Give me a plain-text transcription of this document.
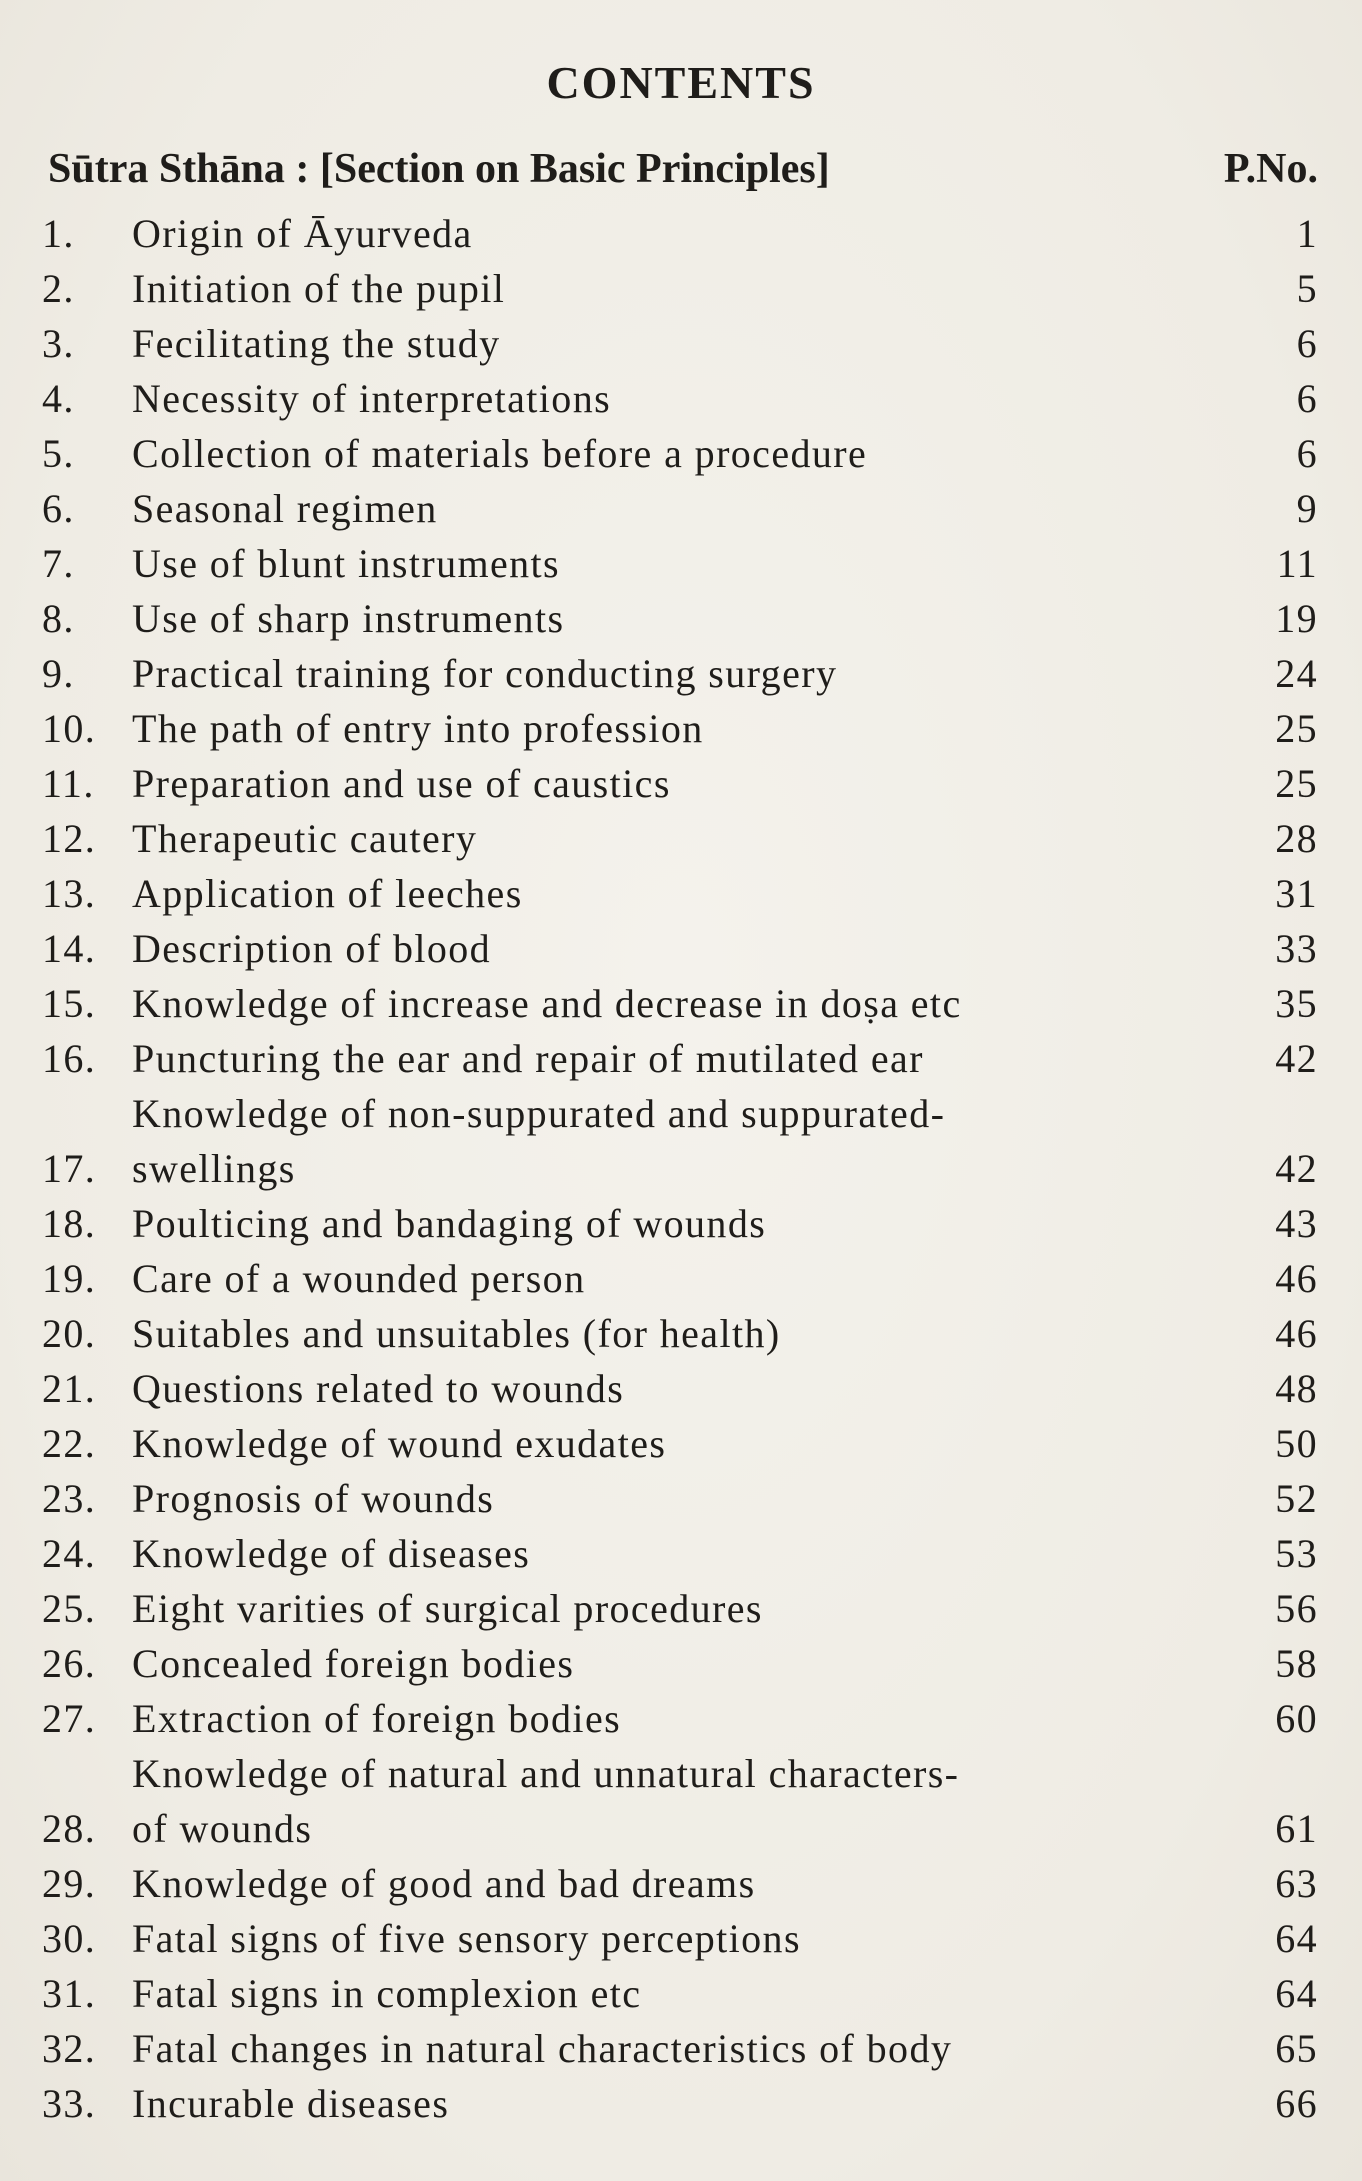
CONTENTS
Sūtra Sthāna : [Section on Basic Principles]	P.No.
1.	Origin of Āyurveda	1
2.	Initiation of the pupil	5
3.	Fecilitating the study	6
4.	Necessity of interpretations	6
5.	Collection of materials before a procedure	6
6.	Seasonal regimen	9
7.	Use of blunt instruments	11
8.	Use of sharp instruments	19
9.	Practical training for conducting surgery	24
10. The path of entry into profession	25
11. Preparation and use of caustics	25
12. Therapeutic cautery	28
13. Application of leeches	31
14. Description of blood	33
15. Knowledge of increase and decrease in doṣa etc	35
16. Puncturing the ear and repair of mutilated ear	42
17.
Knowledge of non-suppurated and suppurated-
swellings	42
18. Poulticing and bandaging of wounds	43
19. Care of a wounded person	46
20. Suitables and unsuitables (for health)	46
21. Questions related to wounds	48
22. Knowledge of wound exudates	50
23. Prognosis of wounds	52
24. Knowledge of diseases	53
25. Eight varities of surgical procedures	56
26. Concealed foreign bodies	58
27. Extraction of foreign bodies	60
28.
Knowledge of natural and unnatural characters-
of wounds	61
29. Knowledge of good and bad dreams	63
30. Fatal signs of five sensory perceptions	64
31. Fatal signs in complexion etc	64
32. Fatal changes in natural characteristics of body	65
33. Incurable diseases	66
